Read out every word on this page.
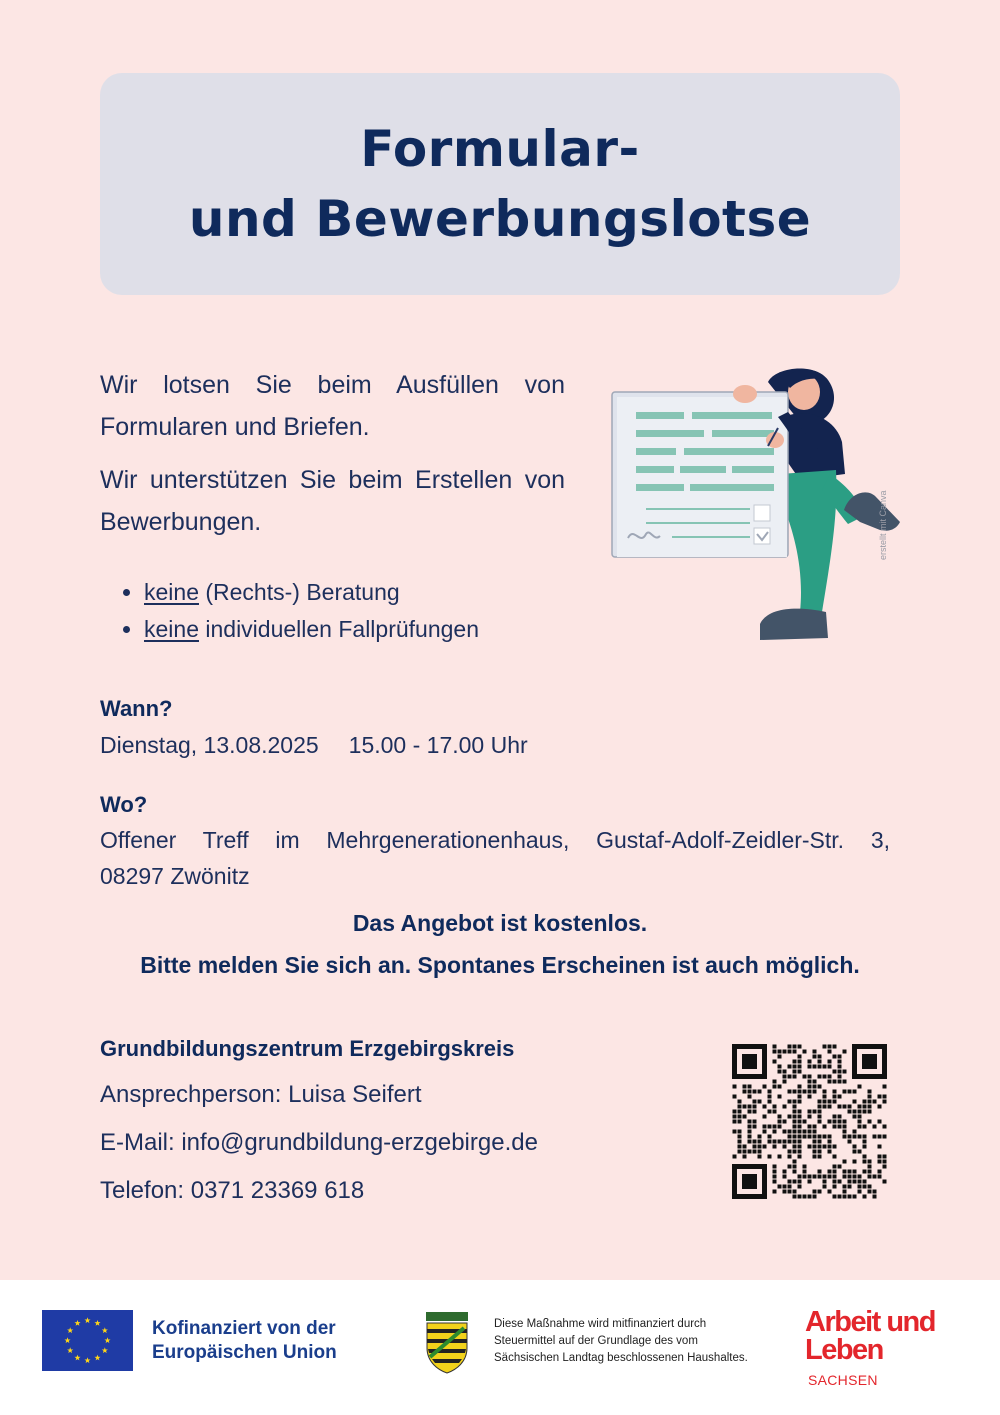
Formular-
und Bewerbungslotse

Wir lotsen Sie beim Ausfüllen von Formularen und Briefen.

Wir unterstützen Sie beim Erstellen von Bewerbungen.

• keine (Rechts-) Beratung
• keine individuellen Fallprüfungen
erstellt mit Canva
Wann?
Dienstag, 13.08.2025 15.00 - 17.00 Uhr
Wo?
Offener Treff im Mehrgenerationenhaus, Gustaf-Adolf-Zeidler-Str. 3,
08297 Zwönitz
Das Angebot ist kostenlos.
Bitte melden Sie sich an. Spontanes Erscheinen ist auch möglich.
Grundbildungszentrum Erzgebirgskreis
Ansprechperson: Luisa Seifert
E-Mail: info@grundbildung-erzgebirge.de
Telefon: 0371 23369 618
Kofinanziert von der
Europäischen Union
Diese Maßnahme wird mitfinanziert durch
Steuermittel auf der Grundlage des vom
Sächsischen Landtag beschlossenen Haushaltes.
Arbeit und
Leben
SACHSEN
